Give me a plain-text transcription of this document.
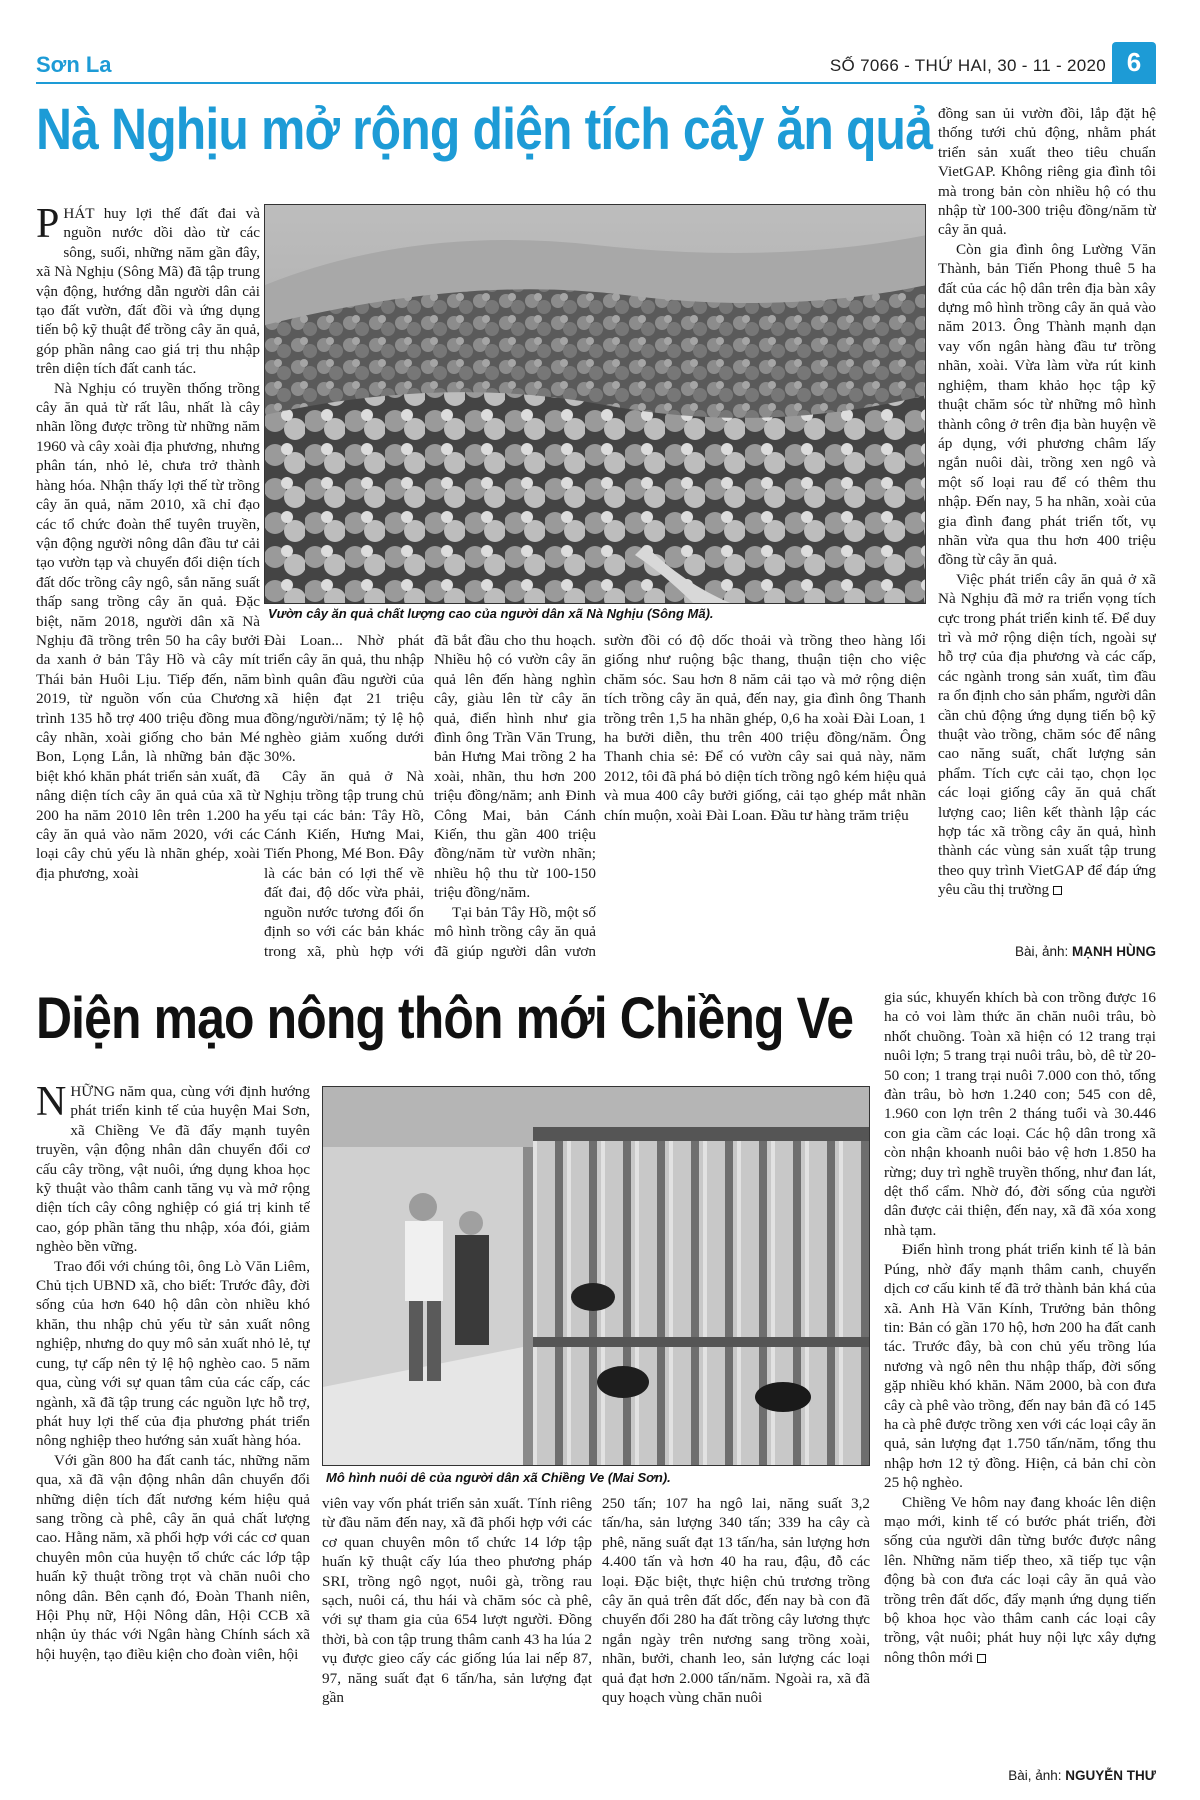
Sơn La	SỐ 7066 - THỨ HAI, 30 - 11 - 2020 6
Nà Nghịu mở rộng diện tích cây ăn quả

PHÁT huy lợi thế đất đai và nguồn nước dồi dào từ các sông, suối, những năm gần đây, xã Nà Nghịu (Sông Mã) đã tập trung vận động, hướng dẫn người dân cải tạo đất vườn, đất đồi và ứng dụng tiến bộ kỹ thuật để trồng cây ăn quả, góp phần nâng cao giá trị thu nhập trên diện tích đất canh tác.

Nà Nghịu có truyền thống trồng cây ăn quả từ rất lâu, nhất là cây nhãn lồng được trồng từ những năm 1960 và cây xoài địa phương, nhưng phân tán, nhỏ lẻ, chưa trở thành hàng hóa. Nhận thấy lợi thế từ trồng cây ăn quả, năm 2010, xã chỉ đạo các tổ chức đoàn thể tuyên truyền, vận động người nông dân đầu tư cải tạo vườn tạp và chuyển đổi diện tích đất dốc trồng cây ngô, sắn năng suất thấp sang trồng cây ăn quả. Đặc biệt, năm 2018, người dân xã Nà Nghịu đã trồng trên 50 ha cây bưởi da xanh ở bản Tây Hồ và cây mít Thái bản Huôi Lịu. Tiếp đến, năm 2019, từ nguồn vốn của Chương trình 135 hỗ trợ 400 triệu đồng mua cây nhãn, xoài giống cho bản Mé Bon, Lọng Lắn, là những bản đặc biệt khó khăn phát triển sản xuất, đã nâng diện tích cây ăn quả của xã từ 200 ha năm 2010 lên trên 1.200 ha cây ăn quả vào năm 2020, với các loại cây chủ yếu là nhãn ghép, xoài địa phương, xoài

Vườn cây ăn quả chất lượng cao của người dân xã Nà Nghịu (Sông Mã).

Đài Loan... Nhờ phát triển cây ăn quả, thu nhập bình quân đầu người của xã hiện đạt 21 triệu đồng/người/năm; tỷ lệ hộ nghèo giảm xuống dưới 30%.

Cây ăn quả ở Nà Nghịu trồng tập trung chủ yếu tại các bản: Tây Hồ, Cánh Kiến, Hưng Mai, Tiến Phong, Mé Bon. Đây là các bản có lợi thế về đất đai, độ dốc vừa phải, nguồn nước tương đối ổn định so với các bản khác trong xã, phù hợp với

đã bắt đầu cho thu hoạch. Nhiều hộ có vườn cây ăn quả lên đến hàng nghìn cây, giàu lên từ cây ăn quả, điển hình như gia đình ông Trần Văn Trung, bản Hưng Mai trồng 2 ha xoài, nhãn, thu hơn 200 triệu đồng/năm; anh Đinh Công Mai, bản Cánh Kiến, thu gần 400 triệu đồng/năm từ vườn nhãn; nhiều hộ thu từ 100-150 triệu đồng/năm.

Tại bản Tây Hồ, một số mô hình trồng cây ăn quả đã giúp người dân vươn

sườn đồi có độ dốc thoải và trồng theo hàng lối giống như ruộng bậc thang, thuận tiện cho việc chăm sóc. Sau hơn 8 năm cải tạo và mở rộng diện tích trồng cây ăn quả, đến nay, gia đình ông Thanh trồng trên 1,5 ha nhãn ghép, 0,6 ha xoài Đài Loan, 1 ha bưởi diễn, thu trên 400 triệu đồng/năm. Ông Thanh chia sẻ: Để có vườn cây sai quả này, năm 2012, tôi đã phá bỏ diện tích trồng ngô kém hiệu quả và mua 400 cây bưởi giống, cải tạo ghép mắt nhãn chín muộn, xoài Đài Loan. Đầu tư hàng trăm triệu

đồng san ủi vườn đồi, lắp đặt hệ thống tưới chủ động, nhằm phát triển sản xuất theo tiêu chuẩn VietGAP. Không riêng gia đình tôi mà trong bản còn nhiều hộ có thu nhập từ 100-300 triệu đồng/năm từ cây ăn quả.

Còn gia đình ông Lường Văn Thành, bản Tiến Phong thuê 5 ha đất của các hộ dân trên địa bàn xây dựng mô hình trồng cây ăn quả vào năm 2013. Ông Thành mạnh dạn vay vốn ngân hàng đầu tư trồng nhãn, xoài. Vừa làm vừa rút kinh nghiệm, tham khảo học tập kỹ thuật chăm sóc từ những mô hình thành công ở trên địa bàn huyện về áp dụng, với phương châm lấy ngắn nuôi dài, trồng xen ngô và một số loại rau để có thêm thu nhập. Đến nay, 5 ha nhãn, xoài của gia đình đang phát triển tốt, vụ nhãn vừa qua thu hơn 400 triệu đồng từ cây ăn quả.

Việc phát triển cây ăn quả ở xã Nà Nghịu đã mở ra triển vọng tích cực trong phát triển kinh tế. Để duy trì và mở rộng diện tích, ngoài sự hỗ trợ của địa phương và các cấp, các ngành trong sản xuất, tìm đầu ra ổn định cho sản phẩm, người dân cần chủ động ứng dụng tiến bộ kỹ thuật vào trồng, chăm sóc để nâng cao năng suất, chất lượng sản phẩm. Tích cực cải tạo, chọn lọc các loại giống cây ăn quả chất lượng cao; liên kết thành lập các hợp tác xã trồng cây ăn quả, hình thành các vùng sản xuất tập trung theo quy trình VietGAP để đáp ứng yêu cầu thị trường

Bài, ảnh: MẠNH HÙNG
Diện mạo nông thôn mới Chiềng Ve

NHỮNG năm qua, cùng với định hướng phát triển kinh tế của huyện Mai Sơn, xã Chiềng Ve đã đẩy mạnh tuyên truyền, vận động nhân dân chuyển đổi cơ cấu cây trồng, vật nuôi, ứng dụng khoa học kỹ thuật vào thâm canh tăng vụ và mở rộng diện tích cây công nghiệp có giá trị kinh tế cao, góp phần tăng thu nhập, xóa đói, giảm nghèo bền vững.

Trao đổi với chúng tôi, ông Lò Văn Liêm, Chủ tịch UBND xã, cho biết: Trước đây, đời sống của hơn 640 hộ dân còn nhiều khó khăn, thu nhập chủ yếu từ sản xuất nông nghiệp, nhưng do quy mô sản xuất nhỏ lẻ, tự cung, tự cấp nên tỷ lệ hộ nghèo cao. 5 năm qua, cùng với sự quan tâm của các cấp, các ngành, xã đã tập trung các nguồn lực hỗ trợ, phát huy lợi thế của địa phương phát triển nông nghiệp theo hướng sản xuất hàng hóa.

Với gần 800 ha đất canh tác, những năm qua, xã đã vận động nhân dân chuyển đổi những diện tích đất nương kém hiệu quả sang trồng cà phê, cây ăn quả chất lượng cao. Hằng năm, xã phối hợp với các cơ quan chuyên môn của huyện tổ chức các lớp tập huấn kỹ thuật trồng trọt và chăn nuôi cho nông dân. Bên cạnh đó, Đoàn Thanh niên, Hội Phụ nữ, Hội Nông dân, Hội CCB xã nhận ủy thác với Ngân hàng Chính sách xã hội huyện, tạo điều kiện cho đoàn viên, hội

Mô hình nuôi dê của người dân xã Chiềng Ve (Mai Sơn).

viên vay vốn phát triển sản xuất. Tính riêng từ đầu năm đến nay, xã đã phối hợp với các cơ quan chuyên môn tổ chức 14 lớp tập huấn kỹ thuật cấy lúa theo phương pháp SRI, trồng ngô ngọt, nuôi gà, trồng rau sạch, nuôi cá, thu hái và chăm sóc cà phê, với sự tham gia của 654 lượt người. Đồng thời, bà con tập trung thâm canh 43 ha lúa 2 vụ được gieo cấy các giống lúa lai nếp 87, 97, năng suất đạt 6 tấn/ha, sản lượng đạt gần

250 tấn; 107 ha ngô lai, năng suất 3,2 tấn/ha, sản lượng 340 tấn; 339 ha cây cà phê, năng suất đạt 13 tấn/ha, sản lượng hơn 4.400 tấn và hơn 40 ha rau, đậu, đỗ các loại. Đặc biệt, thực hiện chủ trương trồng cây ăn quả trên đất dốc, đến nay bà con đã chuyển đổi 280 ha đất trồng cây lương thực ngắn ngày trên nương sang trồng xoài, nhãn, bưởi, chanh leo, sản lượng các loại quả đạt hơn 2.000 tấn/năm. Ngoài ra, xã đã quy hoạch vùng chăn nuôi

gia súc, khuyến khích bà con trồng được 16 ha cỏ voi làm thức ăn chăn nuôi trâu, bò nhốt chuồng. Toàn xã hiện có 12 trang trại nuôi lợn; 5 trang trại nuôi trâu, bò, dê từ 20-50 con; 1 trang trại nuôi 7.000 con thỏ, tổng đàn trâu, bò hơn 1.240 con; 545 con dê, 1.960 con lợn trên 2 tháng tuổi và 30.446 con gia cầm các loại. Các hộ dân trong xã còn nhận khoanh nuôi bảo vệ hơn 1.850 ha rừng; duy trì nghề truyền thống, như đan lát, dệt thổ cẩm. Nhờ đó, đời sống của người dân được cải thiện, đến nay, xã đã xóa xong nhà tạm.

Điển hình trong phát triển kinh tế là bản Púng, nhờ đẩy mạnh thâm canh, chuyển dịch cơ cấu kinh tế đã trở thành bản khá của xã. Anh Hà Văn Kính, Trưởng bản thông tin: Bản có gần 170 hộ, hơn 200 ha đất canh tác. Trước đây, bà con chủ yếu trồng lúa nương và ngô nên thu nhập thấp, đời sống gặp nhiều khó khăn. Năm 2000, bà con đưa cây cà phê vào trồng, đến nay bản đã có 145 ha cà phê được trồng xen với các loại cây ăn quả, sản lượng đạt 1.750 tấn/năm, tổng thu nhập hơn 12 tỷ đồng. Hiện, cả bản chỉ còn 25 hộ nghèo.

Chiềng Ve hôm nay đang khoác lên diện mạo mới, kinh tế có bước phát triển, đời sống của người dân từng bước được nâng lên. Những năm tiếp theo, xã tiếp tục vận động bà con đưa các loại cây ăn quả vào trồng trên đất dốc, đẩy mạnh ứng dụng tiến bộ khoa học vào thâm canh các loại cây trồng, vật nuôi; phát huy nội lực xây dựng nông thôn mới

Bài, ảnh: NGUYỄN THƯ
